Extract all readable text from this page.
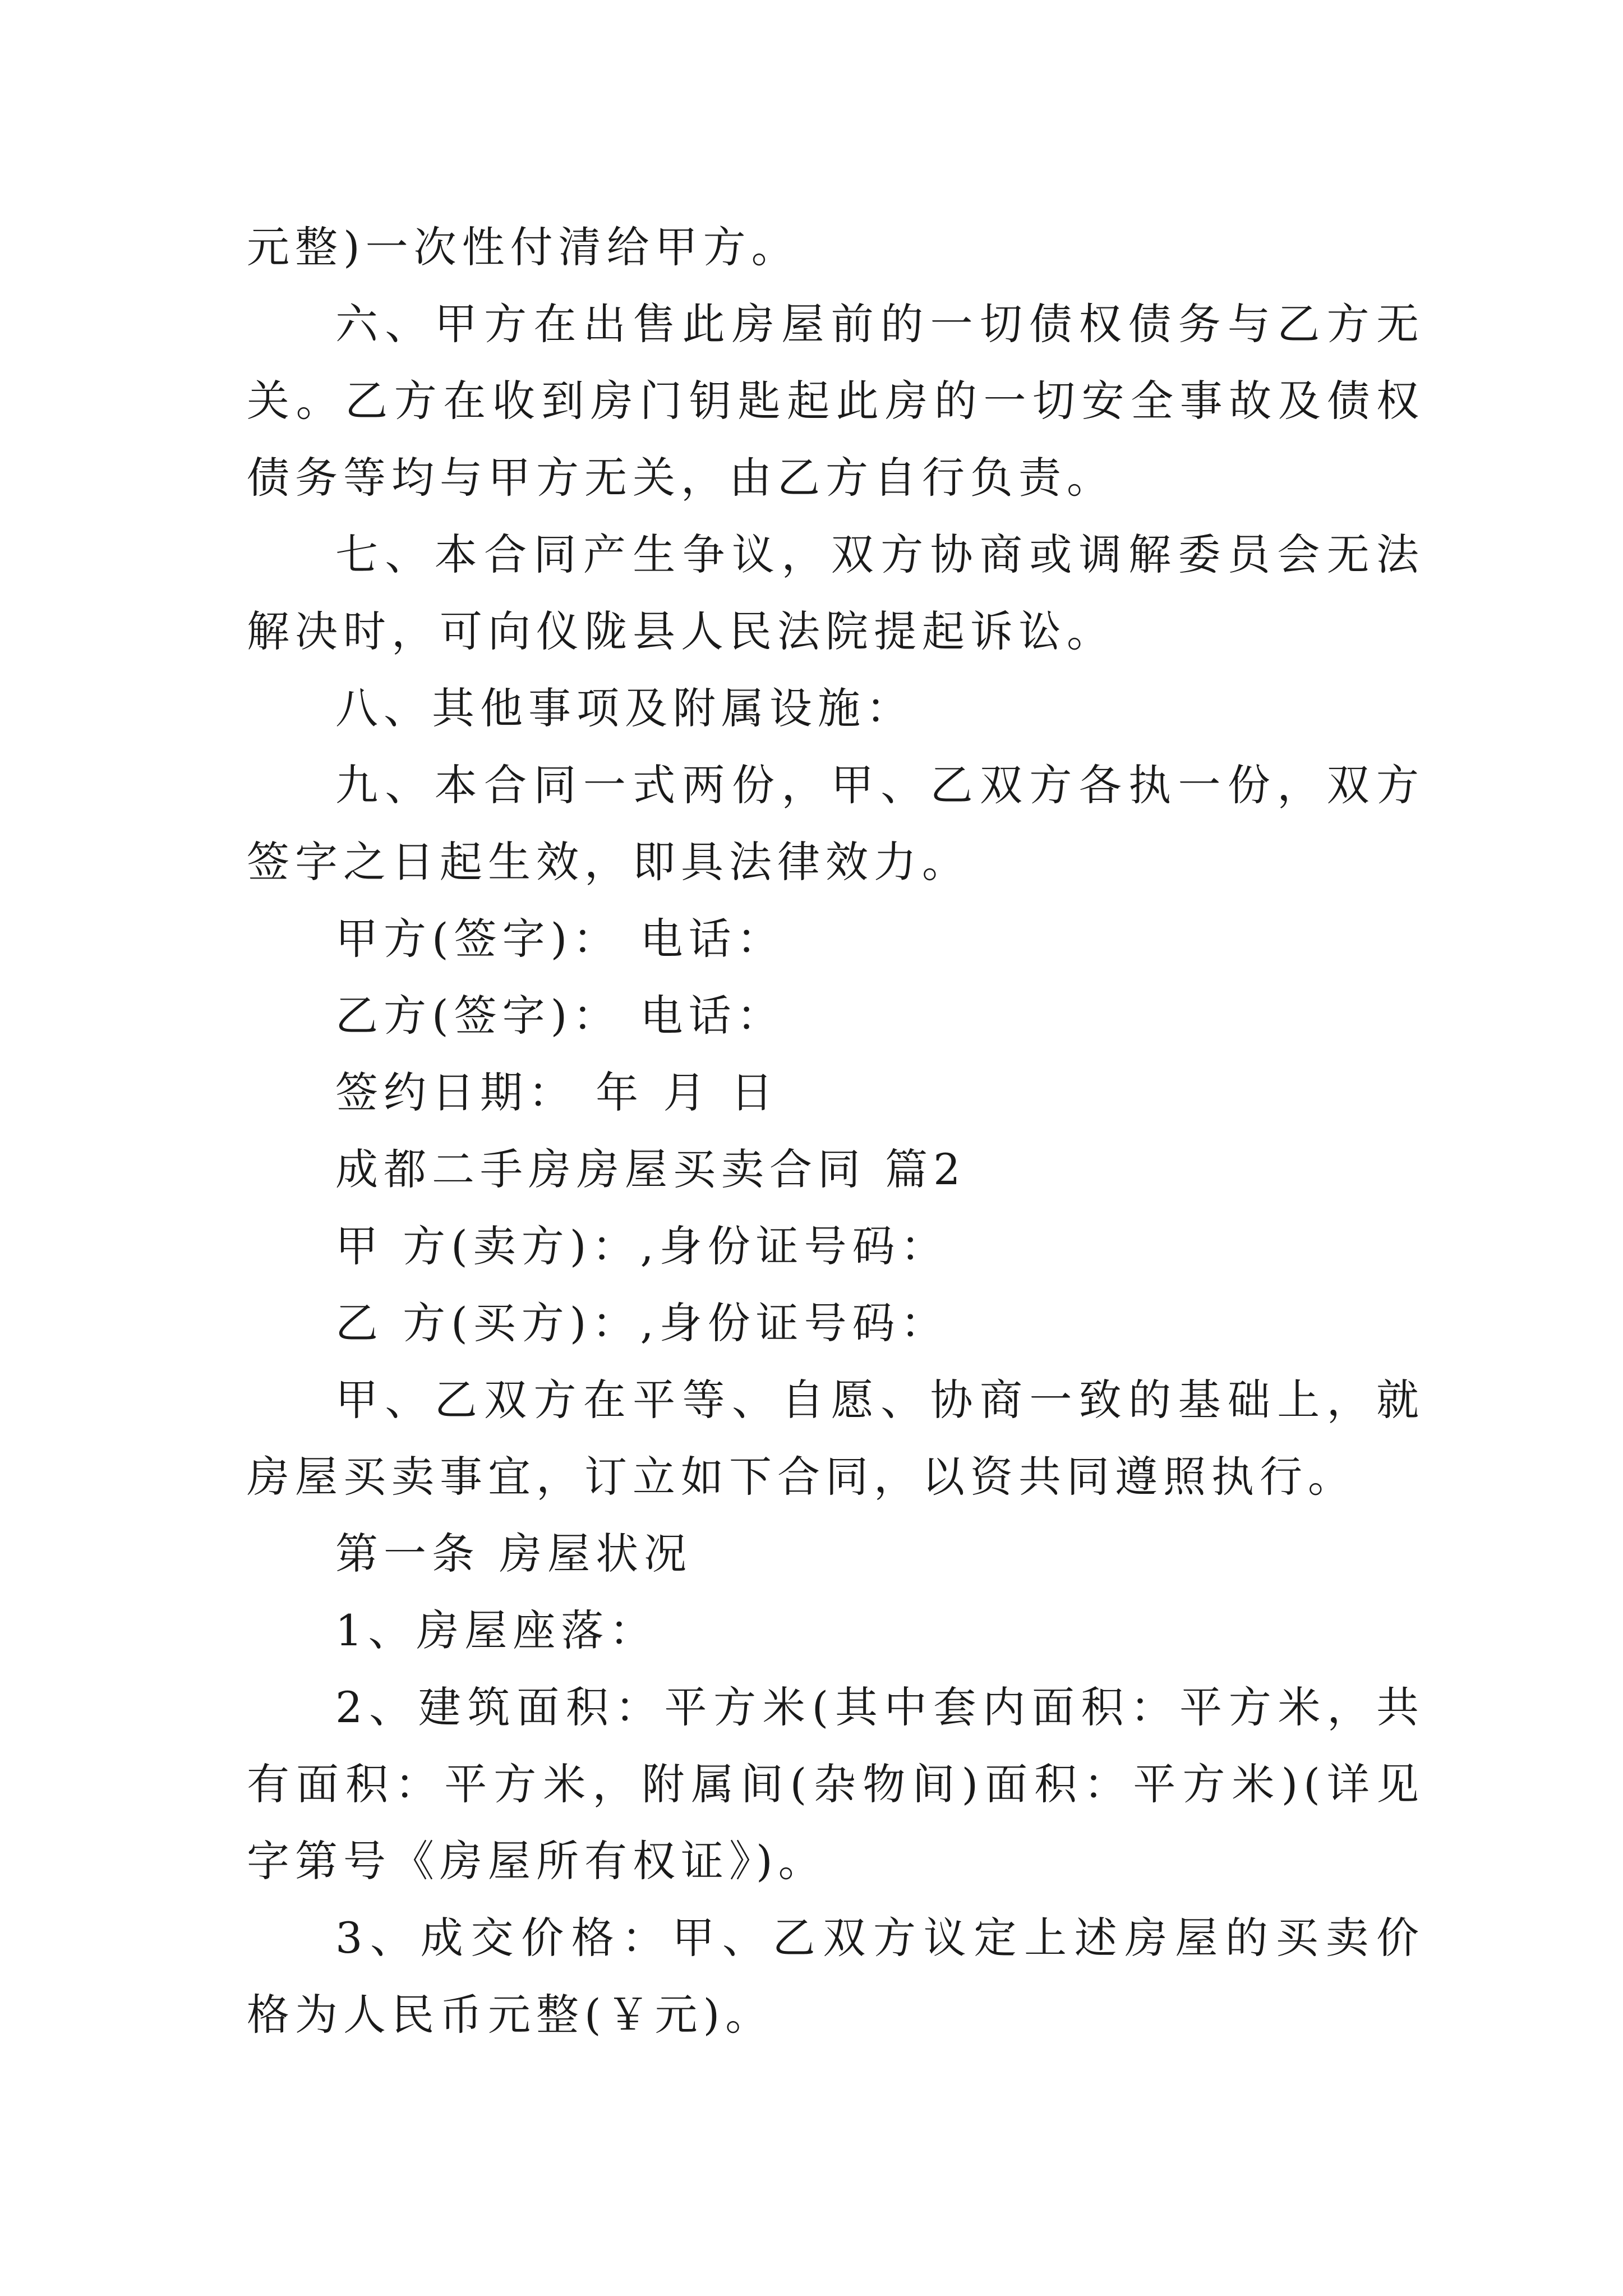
元整)一次性付清给甲方。

六、甲方在出售此房屋前的一切债权债务与乙方无关。乙方在收到房门钥匙起此房的一切安全事故及债权债务等均与甲方无关，由乙方自行负责。

七、本合同产生争议，双方协商或调解委员会无法解决时，可向仪陇县人民法院提起诉讼。

八、其他事项及附属设施：

九、本合同一式两份，甲、乙双方各执一份，双方签字之日起生效，即具法律效力。

甲方(签字)： 电话：

乙方(签字)： 电话：

签约日期： 年 月 日

成都二手房房屋买卖合同 篇2

甲 方(卖方)：,身份证号码：

乙 方(买方)：,身份证号码：

甲、乙双方在平等、自愿、协商一致的基础上，就房屋买卖事宜，订立如下合同，以资共同遵照执行。

第一条 房屋状况

1、房屋座落：

2、建筑面积：平方米(其中套内面积：平方米，共有面积：平方米，附属间(杂物间)面积：平方米)(详见 字第号《房屋所有权证》)。

3、成交价格：甲、乙双方议定上述房屋的买卖价格为人民币元整(￥元)。
